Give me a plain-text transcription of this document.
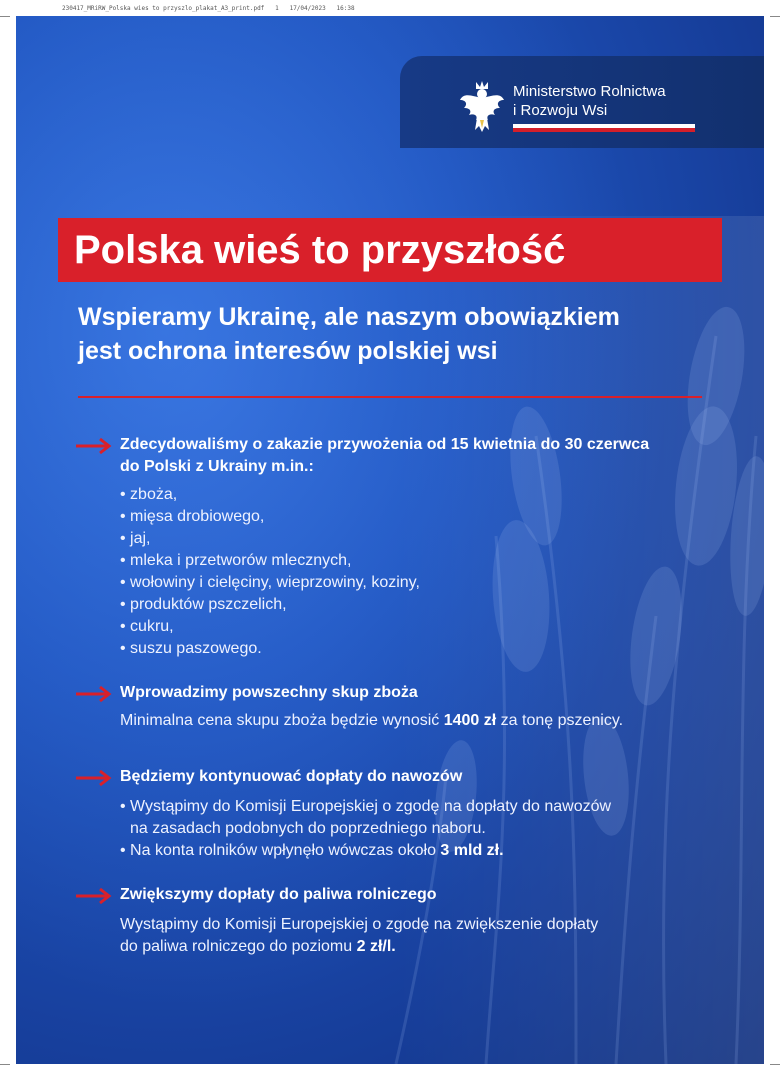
230417_MRiRW_Polska wies to przyszlo_plakat_A3_print.pdf   1   17/04/2023   16:38
Ministerstwo Rolnictwa
i Rozwoju Wsi
Polska wieś to przyszłość
Wspieramy Ukrainę, ale naszym obowiązkiem
jest ochrona interesów polskiej wsi
Zdecydowaliśmy o zakazie przywożenia od 15 kwietnia do 30 czerwca
do Polski z Ukrainy m.in.:
• zboża,
• mięsa drobiowego,
• jaj,
• mleka i przetworów mlecznych,
• wołowiny i cielęciny, wieprzowiny, koziny,
• produktów pszczelich,
• cukru,
• suszu paszowego.
Wprowadzimy powszechny skup zboża
Minimalna cena skupu zboża będzie wynosić 1400 zł za tonę pszenicy.
Będziemy kontynuować dopłaty do nawozów
• Wystąpimy do Komisji Europejskiej o zgodę na dopłaty do nawozów
na zasadach podobnych do poprzedniego naboru.
• Na konta rolników wpłynęło wówczas około 3 mld zł.
Zwiększymy dopłaty do paliwa rolniczego
Wystąpimy do Komisji Europejskiej o zgodę na zwiększenie dopłaty
do paliwa rolniczego do poziomu 2 zł/l.
